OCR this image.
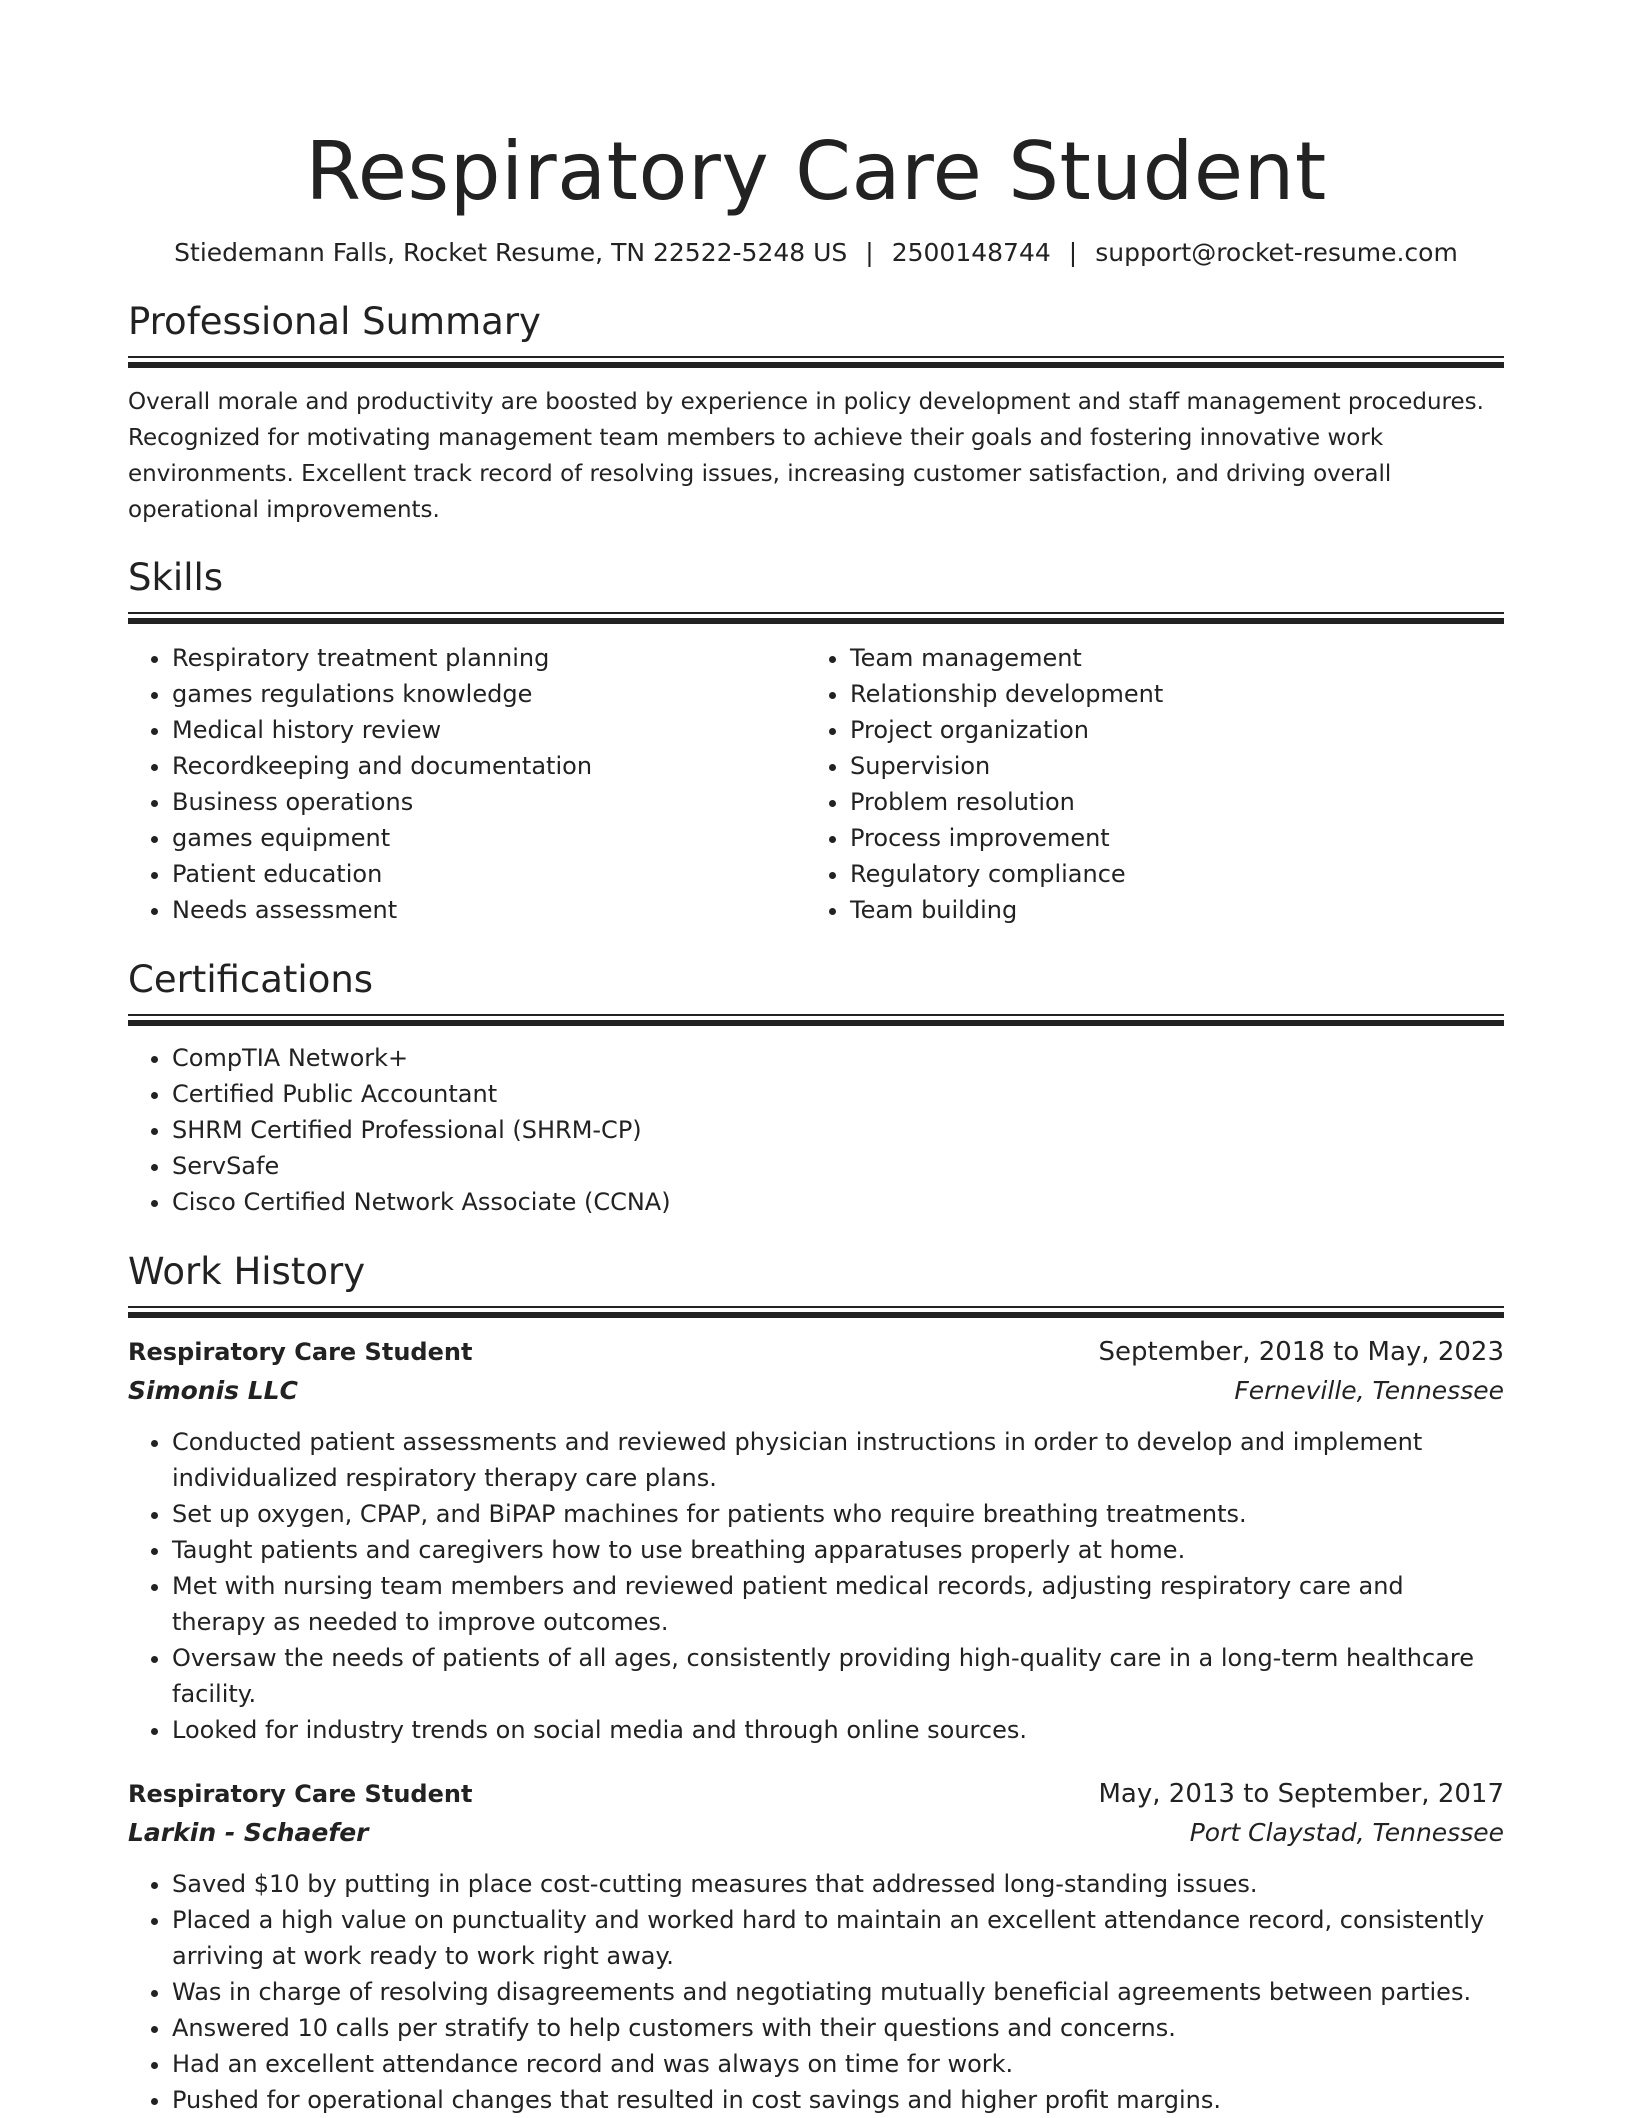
Respiratory Care Student
Stiedemann Falls, Rocket Resume, TN 22522-5248 US | 2500148744 | support@rocket-resume.com
Professional Summary

Overall morale and productivity are boosted by experience in policy development and staff management procedures. Recognized for motivating management team members to achieve their goals and fostering innovative work environments. Excellent track record of resolving issues, increasing customer satisfaction, and driving overall operational improvements.

Skills
• Respiratory treatment planning
• games regulations knowledge
• Medical history review
• Recordkeeping and documentation
• Business operations
• games equipment
• Patient education
• Needs assessment
• Team management
• Relationship development
• Project organization
• Supervision
• Problem resolution
• Process improvement
• Regulatory compliance
• Team building
Certifications
• CompTIA Network+
• Certified Public Accountant
• SHRM Certified Professional (SHRM-CP)
• ServSafe
• Cisco Certified Network Associate (CCNA)
Work History
Respiratory Care Student	September, 2018 to May, 2023
Simonis LLC	Ferneville, Tennessee
• Conducted patient assessments and reviewed physician instructions in order to develop and implement individualized respiratory therapy care plans.
• Set up oxygen, CPAP, and BiPAP machines for patients who require breathing treatments.
• Taught patients and caregivers how to use breathing apparatuses properly at home.
• Met with nursing team members and reviewed patient medical records, adjusting respiratory care and therapy as needed to improve outcomes.
• Oversaw the needs of patients of all ages, consistently providing high-quality care in a long-term healthcare facility.
• Looked for industry trends on social media and through online sources.
Respiratory Care Student	May, 2013 to September, 2017
Larkin - Schaefer	Port Claystad, Tennessee
• Saved $10 by putting in place cost-cutting measures that addressed long-standing issues.
• Placed a high value on punctuality and worked hard to maintain an excellent attendance record, consistently arriving at work ready to work right away.
• Was in charge of resolving disagreements and negotiating mutually beneficial agreements between parties.
• Answered 10 calls per stratify to help customers with their questions and concerns.
• Had an excellent attendance record and was always on time for work.
• Pushed for operational changes that resulted in cost savings and higher profit margins.
